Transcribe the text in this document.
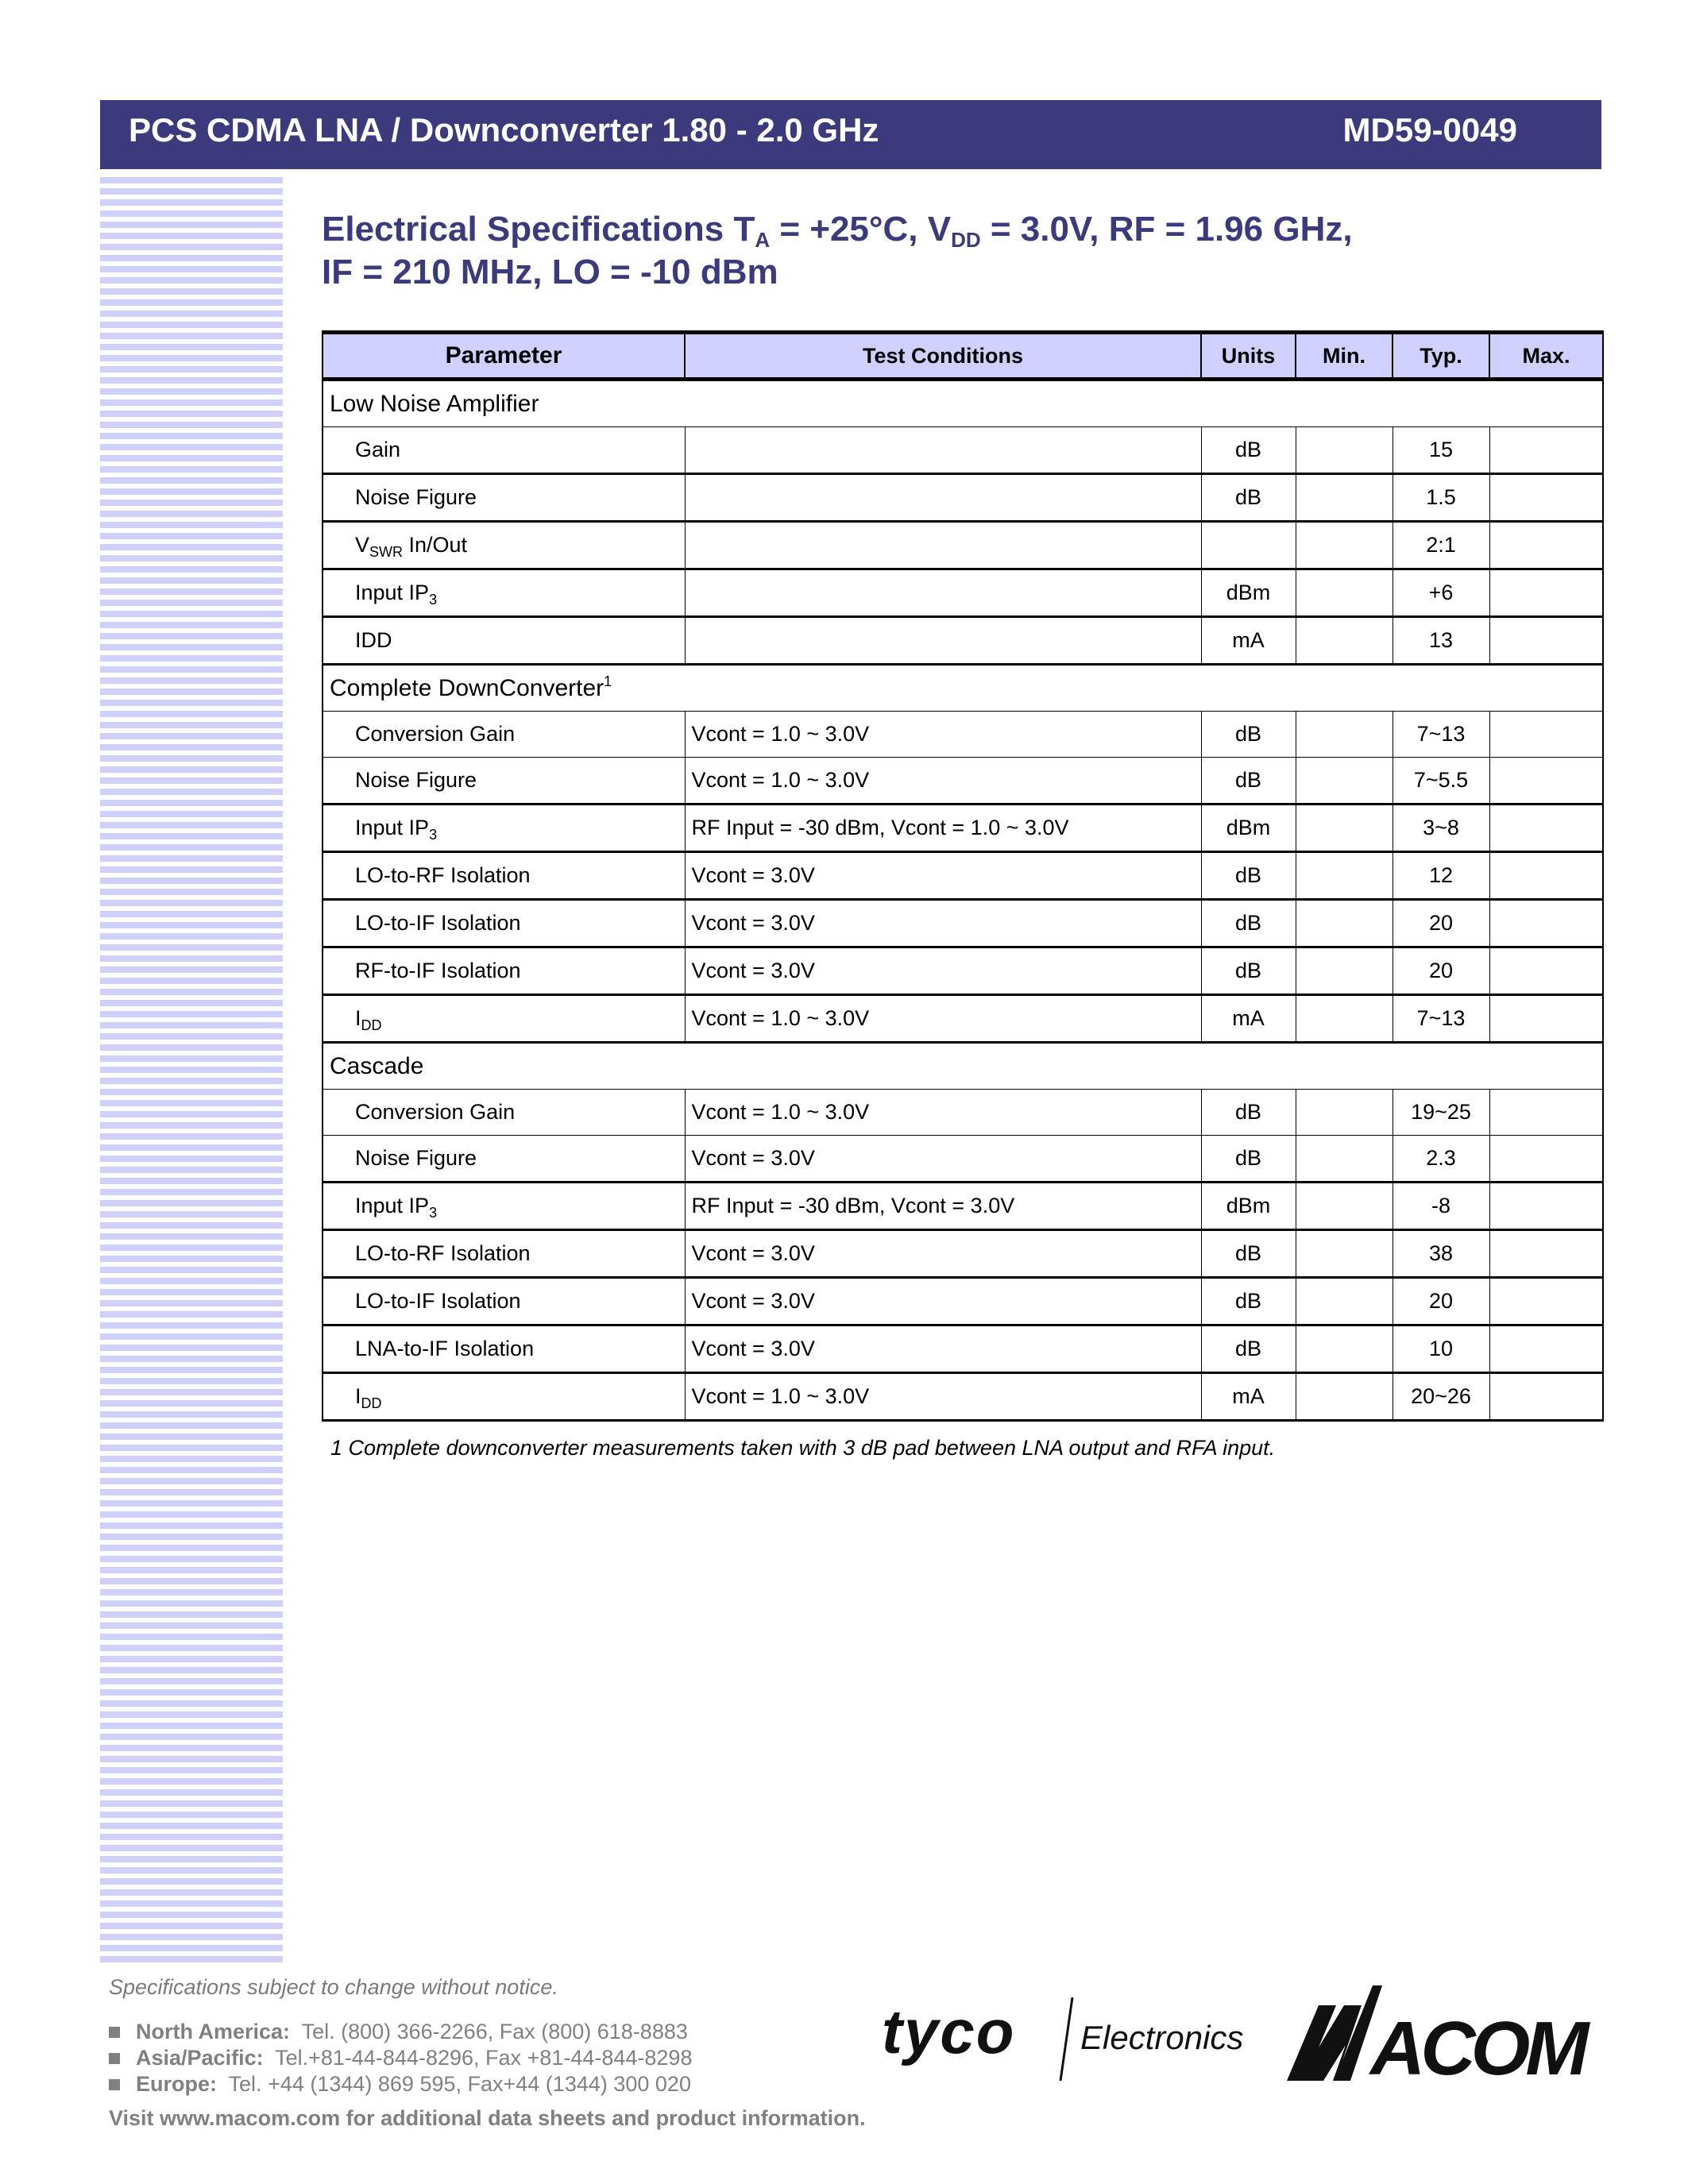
PCS CDMA LNA / Downconverter 1.80 - 2.0 GHz	MD59-0049
Electrical Specifications $T_A = +25^\circ C$, $V_{DD} = 3.0V$, RF = 1.96 GHz,
IF = 210 MHz, LO = -10 dBm
Parameter	Test Conditions	Units	Min.	Typ.	Max.
Low Noise Amplifier					
Gain		dB		15	
Noise Figure		dB		1.5	
$V_{SWR}$ In/Out				2:1	
Input $IP_3$		dBm		+6	
IDD		mA		13	
Complete DownConverter$^1$
Conversion Gain	Vcont = 1.0 ~ 3.0V	dB		7~13	
Noise Figure	Vcont = 1.0 ~ 3.0V	dB		7~5.5	
Input $IP_3$	RF Input = -30 dBm, Vcont = 1.0 ~ 3.0V	dBm		3~8	
LO-to-RF Isolation	Vcont = 3.0V	dB		12	
LO-to-IF Isolation	Vcont = 3.0V	dB		20	
RF-to-IF Isolation	Vcont = 3.0V	dB		20	
$I_{DD}$	Vcont = 1.0 ~ 3.0V	mA		7~13	
Cascade					
Conversion Gain	Vcont = 1.0 ~ 3.0V	dB		19~25	
Noise Figure	Vcont = 3.0V	dB		2.3	
Input $IP_3$	RF Input = -30 dBm, Vcont = 3.0V	dBm		-8	
LO-to-RF Isolation	Vcont = 3.0V	dB		38	
LO-to-IF Isolation	Vcont = 3.0V	dB		20	
LNA-to-IF Isolation	Vcont = 3.0V	dB		10	
$I_{DD}$	Vcont = 1.0 ~ 3.0V	mA		20~26	
1 Complete downconverter measurements taken with 3 dB pad between LNA output and RFA input.
Specifications subject to change without notice.
North America: Tel. (800) 366-2266, Fax (800) 618-8883
Asia/Pacific: Tel.+81-44-844-8296, Fax +81-44-844-8298
Europe: Tel. +44 (1344) 869 595, Fax+44 (1344) 300 020
Visit www.macom.com for additional data sheets and product information.
tyco Electronics ACOM
